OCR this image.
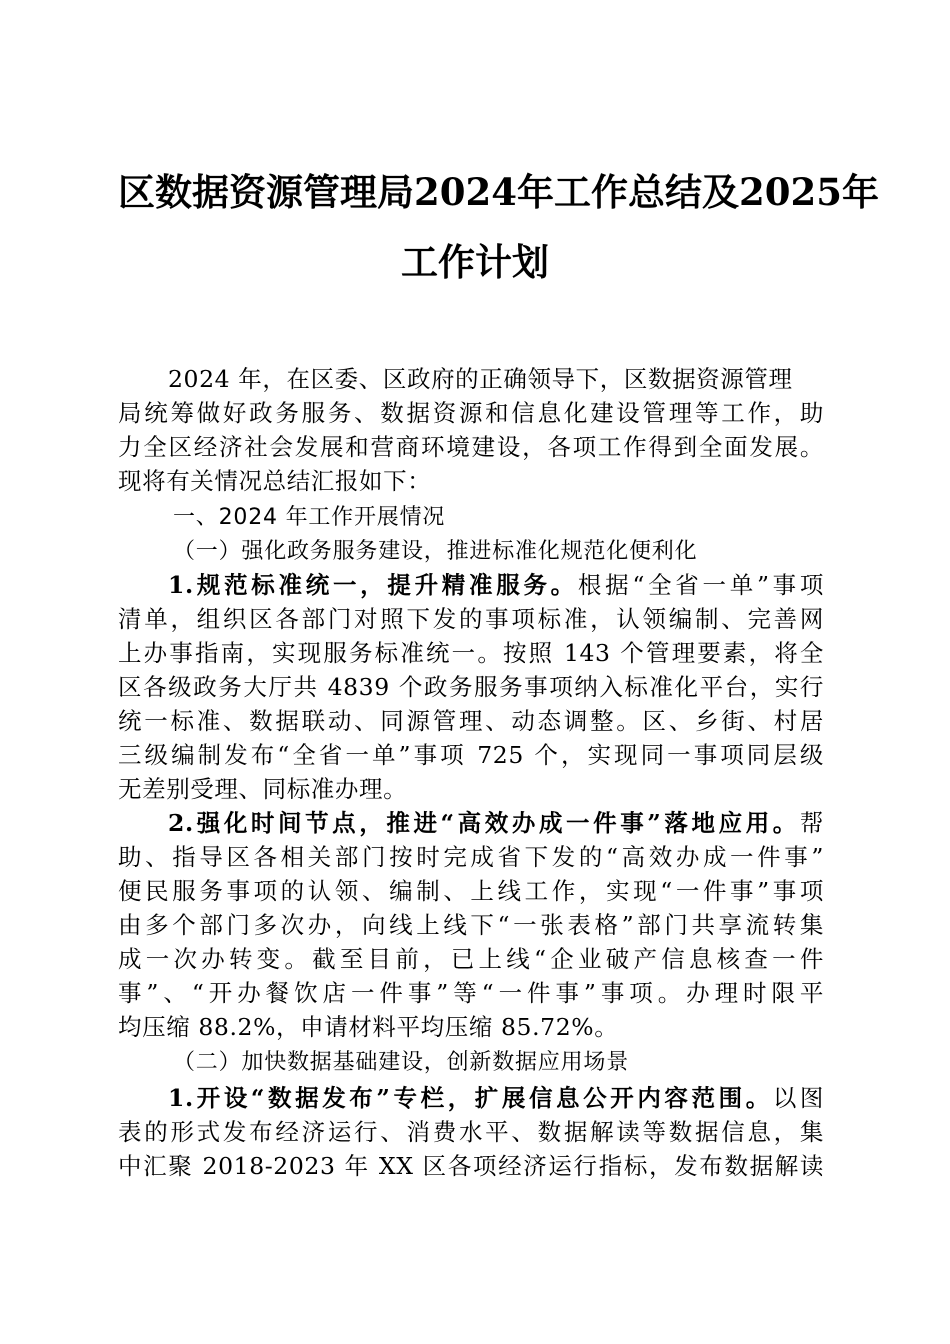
区数据资源管理局2024年工作总结及2025年
工作计划
2024 年，在区委、区政府的正确领导下，区数据资源管理
局统筹做好政务服务、数据资源和信息化建设管理等工作，助
力全区经济社会发展和营商环境建设，各项工作得到全面发展。
现将有关情况总结汇报如下：
一、2024 年工作开展情况
（一）强化政务服务建设，推进标准化规范化便利化
1.规范标准统一，提升精准服务。根据“全省一单”事项
清单，组织区各部门对照下发的事项标准，认领编制、完善网
上办事指南，实现服务标准统一。按照 143 个管理要素，将全
区各级政务大厅共 4839 个政务服务事项纳入标准化平台，实行
统一标准、数据联动、同源管理、动态调整。区、乡街、村居
三级编制发布“全省一单”事项 725 个，实现同一事项同层级
无差别受理、同标准办理。
2.强化时间节点，推进“高效办成一件事”落地应用。帮
助、指导区各相关部门按时完成省下发的“高效办成一件事”
便民服务事项的认领、编制、上线工作，实现“一件事”事项
由多个部门多次办，向线上线下“一张表格”部门共享流转集
成一次办转变。截至目前，已上线“企业破产信息核查一件
事”、“开办餐饮店一件事”等“一件事”事项。办理时限平
均压缩 88.2%，申请材料平均压缩 85.72%。
（二）加快数据基础建设，创新数据应用场景
1.开设“数据发布”专栏，扩展信息公开内容范围。以图
表的形式发布经济运行、消费水平、数据解读等数据信息，集
中汇聚 2018-2023 年 XX 区各项经济运行指标，发布数据解读
